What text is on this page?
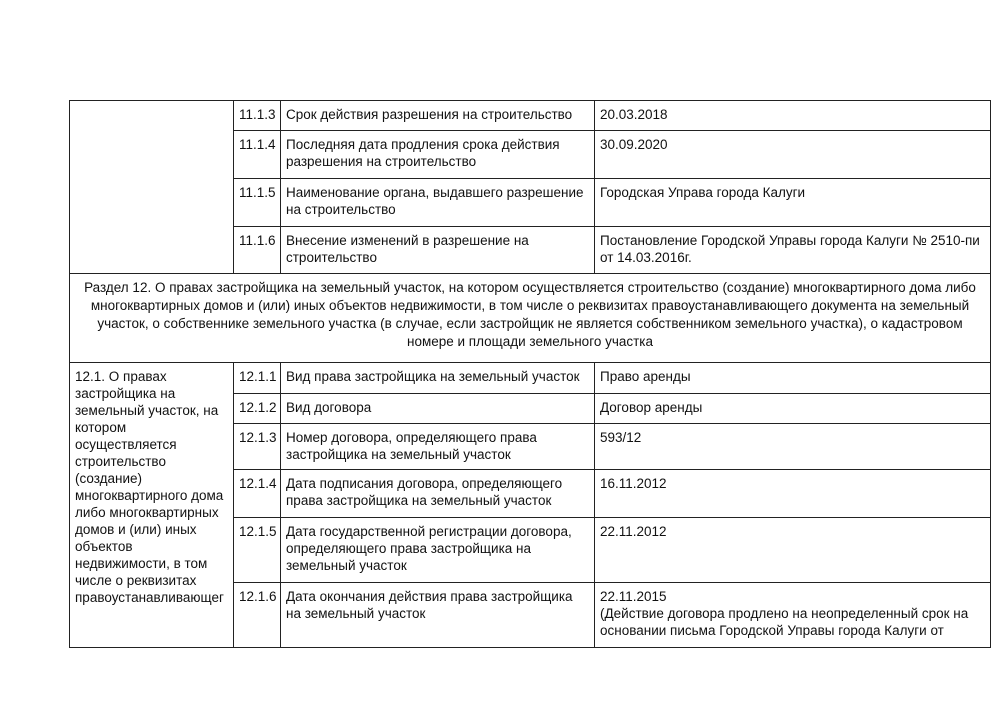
	11.1.3	Срок действия разрешения на строительство	20.03.2018
	11.1.4	Последняя дата продления срока действия разрешения на строительство	30.09.2020
	11.1.5	Наименование органа, выдавшего разрешение на строительство	Городская Управа города Калуги
	11.1.6	Внесение изменений в разрешение на строительство	Постановление Городской Управы города Калуги № 2510-пи от 14.03.2016г.
Раздел 12. О правах застройщика на земельный участок, на котором осуществляется строительство (создание) многоквартирного дома либо многоквартирных домов и (или) иных объектов недвижимости, в том числе о реквизитах правоустанавливающего документа на земельный участок, о собственнике земельного участка (в случае, если застройщик не является собственником земельного участка), о кадастровом номере и площади земельного участка			
12.1. О правах застройщика на земельный участок, на котором осуществляется строительство (создание) многоквартирного дома либо многоквартирных домов и (или) иных объектов недвижимости, в том числе о реквизитах правоустанавливающег	12.1.1	Вид права застройщика на земельный участок	Право аренды
	12.1.2	Вид договора	Договор аренды
	12.1.3	Номер договора, определяющего права застройщика на земельный участок	593/12
	12.1.4	Дата подписания договора, определяющего права застройщика на земельный участок	16.11.2012
	12.1.5	Дата государственной регистрации договора, определяющего права застройщика на земельный участок	22.11.2012
	12.1.6	Дата окончания действия права застройщика на земельный участок	22.11.2015
(Действие договора продлено на неопределенный срок на основании письма Городской Управы города Калуги от
